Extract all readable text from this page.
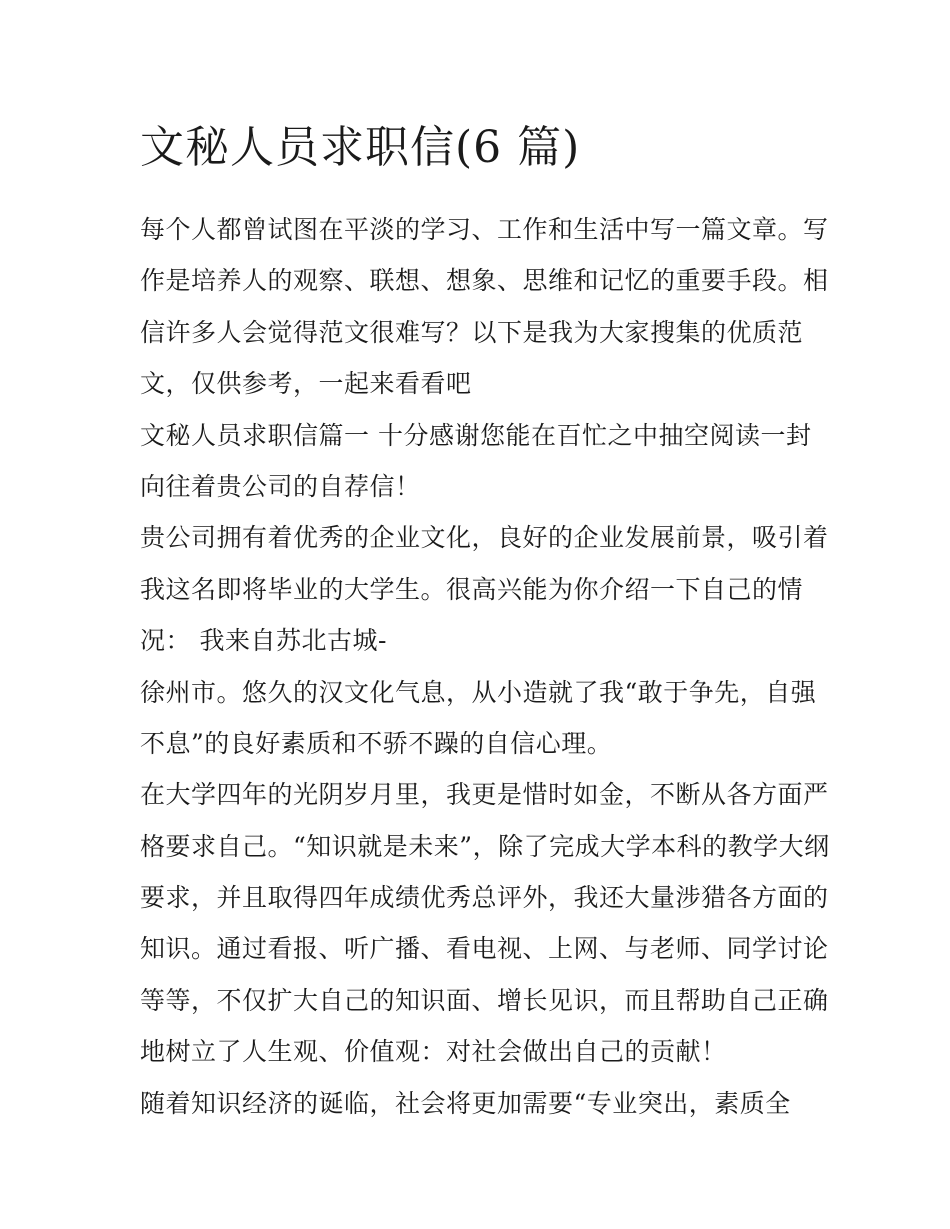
文秘人员求职信(6 篇)
每个人都曾试图在平淡的学习、工作和生活中写一篇文章。写
作是培养人的观察、联想、想象、思维和记忆的重要手段。相
信许多人会觉得范文很难写？以下是我为大家搜集的优质范
文，仅供参考，一起来看看吧
文秘人员求职信篇一 十分感谢您能在百忙之中抽空阅读一封
向往着贵公司的自荐信！
贵公司拥有着优秀的企业文化，良好的企业发展前景，吸引着
我这名即将毕业的大学生。很高兴能为你介绍一下自己的情
况： 我来自苏北古城-
徐州市。悠久的汉文化气息，从小造就了我“敢于争先，自强
不息”的良好素质和不骄不躁的自信心理。
在大学四年的光阴岁月里，我更是惜时如金，不断从各方面严
格要求自己。“知识就是未来”，除了完成大学本科的教学大纲
要求，并且取得四年成绩优秀总评外，我还大量涉猎各方面的
知识。通过看报、听广播、看电视、上网、与老师、同学讨论
等等，不仅扩大自己的知识面、增长见识，而且帮助自己正确
地树立了人生观、价值观：对社会做出自己的贡献！
随着知识经济的诞临，社会将更加需要“专业突出，素质全
